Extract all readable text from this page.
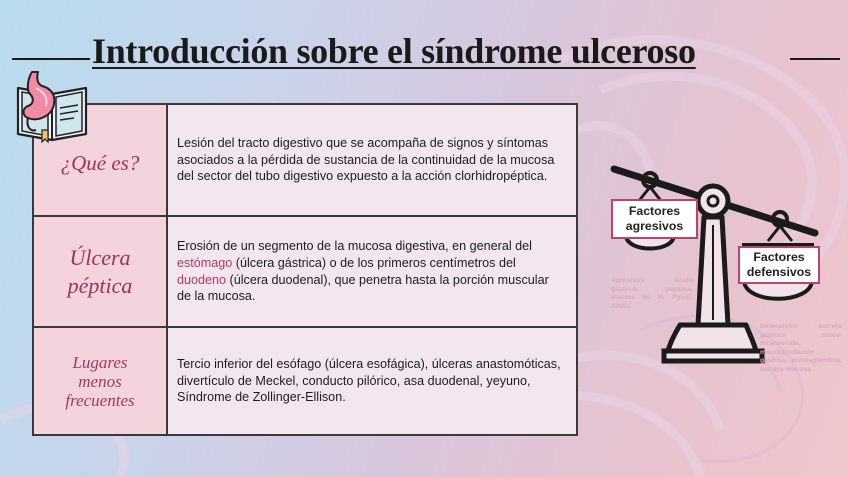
Introducción sobre el síndrome ulceroso
¿Qué es?
Lesión del tracto digestivo que se acompaña de signos y síntomas asociados a la pérdida de sustancia de la continuidad de la mucosa del sector del tubo digestivo expuesto a la acción clorhidropéptica.
Úlcera
péptica
Erosión de un segmento de la mucosa digestiva, en general del estómago (úlcera gástrica) o de los primeros centímetros del duodeno (úlcera duodenal), que penetra hasta la porción muscular de la mucosa.
Lugares
menos
frecuentes
Tercio inferior del esófago (úlcera esofágica), úlceras anastomóticas, divertículo de Meckel, conducto pilórico, asa duodenal, yeyuno, Síndrome de Zollinger-Ellison.
Factores
agresivos
Factores
defensivos
Agresivos: ácido gástrico, pepsina, efectos de H. Pylori, AINEs
Defensivos: barrera gástrica moco-bicarbonato, microcirculación gástrica, prostaglandina, barrera mucosa
